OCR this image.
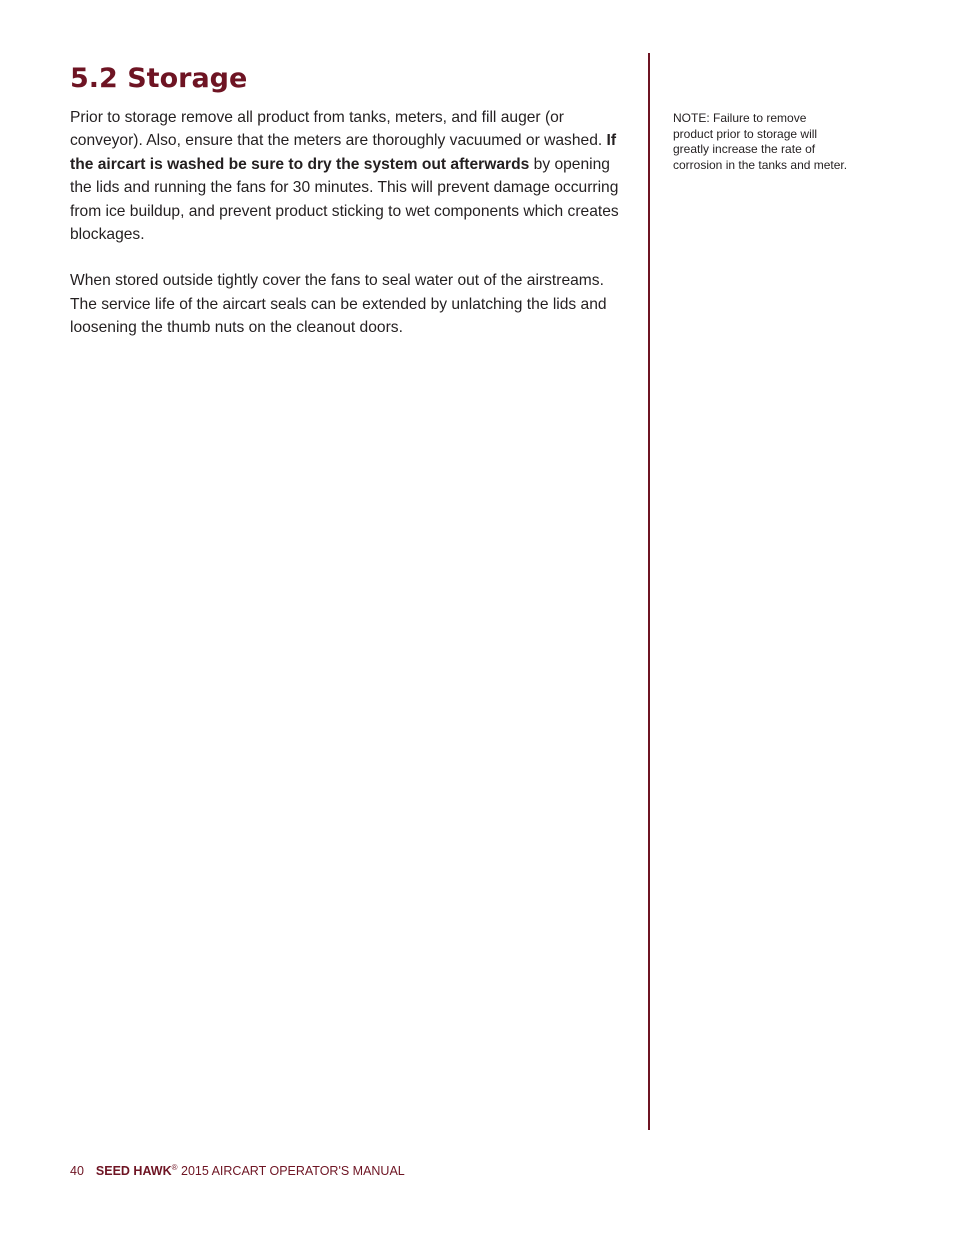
5.2 Storage

Prior to storage remove all product from tanks, meters, and fill auger (or conveyor). Also, ensure that the meters are thoroughly vacuumed or washed. If the aircart is washed be sure to dry the system out afterwards by opening the lids and running the fans for 30 minutes. This will prevent damage occurring from ice buildup, and prevent product sticking to wet components which creates blockages.

When stored outside tightly cover the fans to seal water out of the airstreams. The service life of the aircart seals can be extended by unlatching the lids and loosening the thumb nuts on the cleanout doors.

NOTE: Failure to remove product prior to storage will greatly increase the rate of corrosion in the tanks and meter.

40 SEED HAWK® 2015 AIRCART OPERATOR'S MANUAL
